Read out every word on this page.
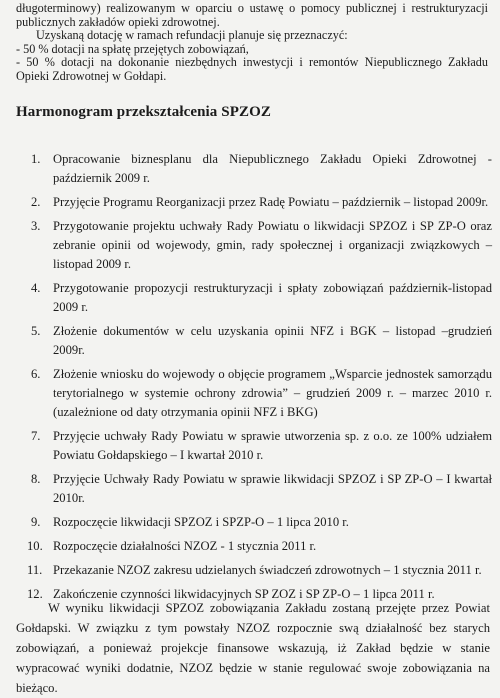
długoterminowy) realizowanym w oparciu o ustawę o pomocy publicznej i restrukturyzacji publicznych zakładów opieki zdrowotnej.

Uzyskaną dotację w ramach refundacji planuje się przeznaczyć:

- 50 % dotacji na spłatę przejętych zobowiązań,

- 50 % dotacji na dokonanie niezbędnych inwestycji i remontów Niepublicznego Zakładu Opieki Zdrowotnej w Gołdapi.

Harmonogram przekształcenia SPZOZ
1. Opracowanie biznesplanu dla Niepublicznego Zakładu Opieki Zdrowotnej - październik 2009 r.
2. Przyjęcie Programu Reorganizacji przez Radę Powiatu – październik – listopad 2009r.
3. Przygotowanie projektu uchwały Rady Powiatu o likwidacji SPZOZ i SP ZP-O oraz zebranie opinii od wojewody, gmin, rady społecznej i organizacji związkowych – listopad 2009 r.
4. Przygotowanie propozycji restrukturyzacji i spłaty zobowiązań październik-listopad 2009 r.
5. Złożenie dokumentów w celu uzyskania opinii NFZ i BGK – listopad –grudzień 2009r.
6. Złożenie wniosku do wojewody o objęcie programem „Wsparcie jednostek samorządu terytorialnego w systemie ochrony zdrowia” – grudzień 2009 r. – marzec 2010 r. (uzależnione od daty otrzymania opinii NFZ i BKG)
7. Przyjęcie uchwały Rady Powiatu w sprawie utworzenia sp. z o.o. ze 100% udziałem Powiatu Gołdapskiego – I kwartał 2010 r.
8. Przyjęcie Uchwały Rady Powiatu w sprawie likwidacji SPZOZ i SP ZP-O – I kwartał 2010r.
9. Rozpoczęcie likwidacji SPZOZ i SPZP-O – 1 lipca 2010 r.
10. Rozpoczęcie działalności NZOZ - 1 stycznia 2011 r.
11. Przekazanie NZOZ zakresu udzielanych świadczeń zdrowotnych – 1 stycznia 2011 r.
12. Zakończenie czynności likwidacyjnych SP ZOZ i SP ZP-O – 1 lipca 2011 r.

W wyniku likwidacji SPZOZ zobowiązania Zakładu zostaną przejęte przez Powiat Gołdapski. W związku z tym powstały NZOZ rozpocznie swą działalność bez starych zobowiązań, a ponieważ projekcje finansowe wskazują, iż Zakład będzie w stanie wypracować wyniki dodatnie, NZOZ będzie w stanie regulować swoje zobowiązania na bieżąco.
